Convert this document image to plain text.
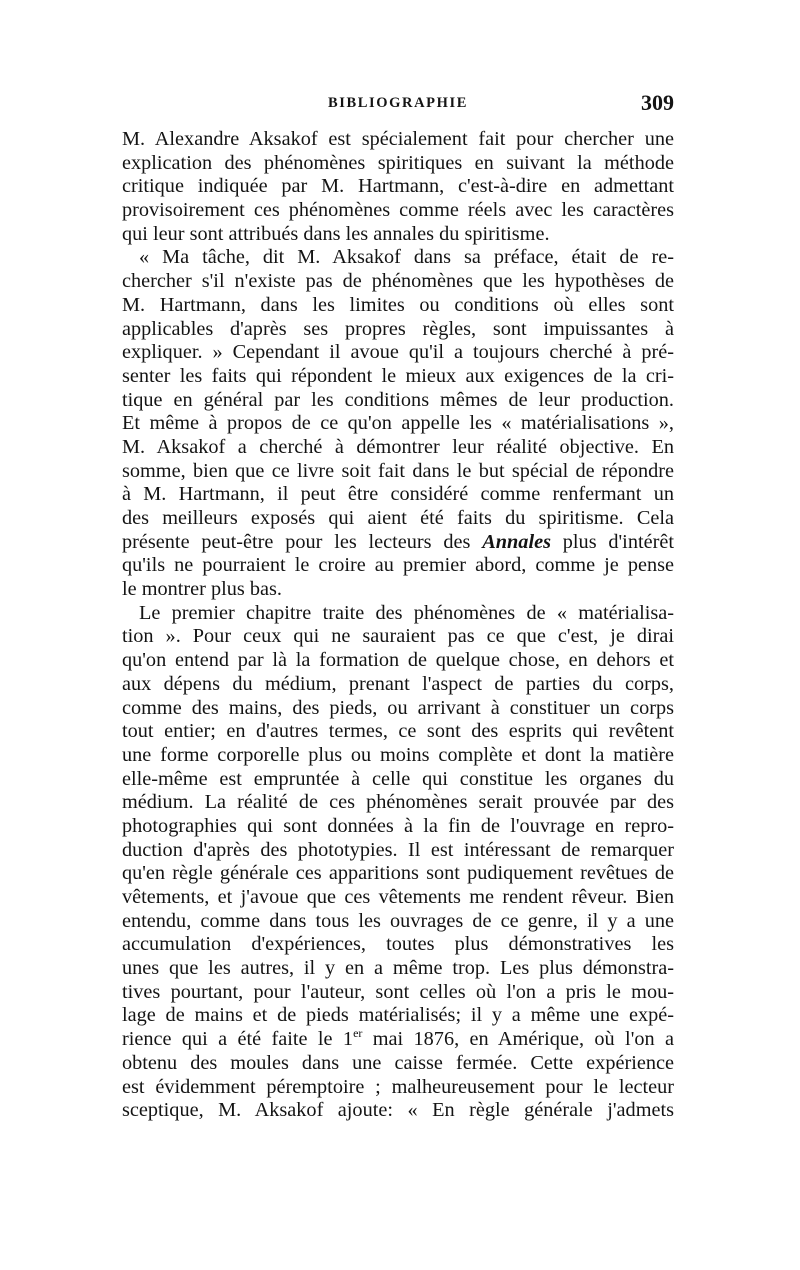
BIBLIOGRAPHIE	309
M. Alexandre Aksakof est spécialement fait pour chercher une
explication des phénomènes spiritiques en suivant la méthode
critique indiquée par M. Hartmann, c'est-à-dire en admettant
provisoirement ces phénomènes comme réels avec les caractères
qui leur sont attribués dans les annales du spiritisme.
« Ma tâche, dit M. Aksakof dans sa préface, était de re-
chercher s'il n'existe pas de phénomènes que les hypothèses de
M. Hartmann, dans les limites ou conditions où elles sont
applicables d'après ses propres règles, sont impuissantes à
expliquer. » Cependant il avoue qu'il a toujours cherché à pré-
senter les faits qui répondent le mieux aux exigences de la cri-
tique en général par les conditions mêmes de leur production.
Et même à propos de ce qu'on appelle les « matérialisations »,
M. Aksakof a cherché à démontrer leur réalité objective. En
somme, bien que ce livre soit fait dans le but spécial de répondre
à M. Hartmann, il peut être considéré comme renfermant un
des meilleurs exposés qui aient été faits du spiritisme. Cela
présente peut-être pour les lecteurs des Annales plus d'intérêt
qu'ils ne pourraient le croire au premier abord, comme je pense
le montrer plus bas.
Le premier chapitre traite des phénomènes de « matérialisa-
tion ». Pour ceux qui ne sauraient pas ce que c'est, je dirai
qu'on entend par là la formation de quelque chose, en dehors et
aux dépens du médium, prenant l'aspect de parties du corps,
comme des mains, des pieds, ou arrivant à constituer un corps
tout entier; en d'autres termes, ce sont des esprits qui revêtent
une forme corporelle plus ou moins complète et dont la matière
elle-même est empruntée à celle qui constitue les organes du
médium. La réalité de ces phénomènes serait prouvée par des
photographies qui sont données à la fin de l'ouvrage en repro-
duction d'après des phototypies. Il est intéressant de remarquer
qu'en règle générale ces apparitions sont pudiquement revêtues de
vêtements, et j'avoue que ces vêtements me rendent rêveur. Bien
entendu, comme dans tous les ouvrages de ce genre, il y a une
accumulation d'expériences, toutes plus démonstratives les
unes que les autres, il y en a même trop. Les plus démonstra-
tives pourtant, pour l'auteur, sont celles où l'on a pris le mou-
lage de mains et de pieds matérialisés; il y a même une expé-
rience qui a été faite le 1er mai 1876, en Amérique, où l'on a
obtenu des moules dans une caisse fermée. Cette expérience
est évidemment péremptoire ; malheureusement pour le lecteur
sceptique, M. Aksakof ajoute: « En règle générale j'admets
